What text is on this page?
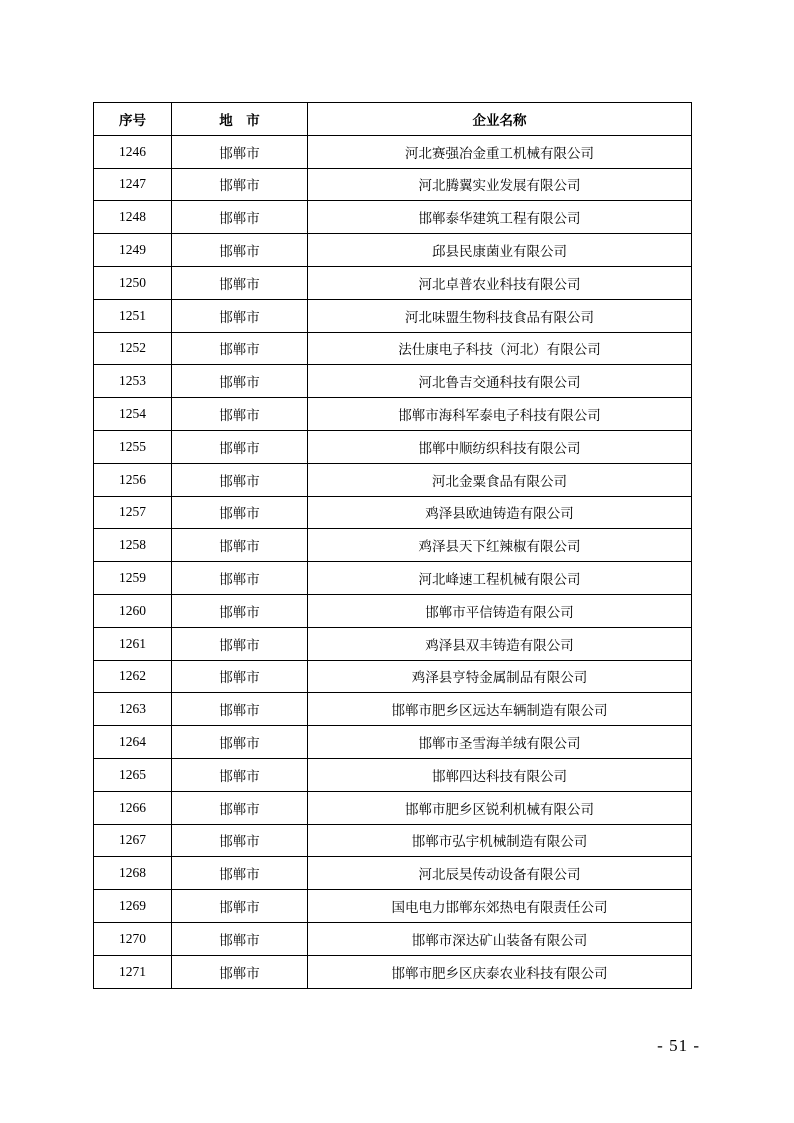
序号	地　市	企业名称
1246	邯郸市	河北赛强冶金重工机械有限公司
1247	邯郸市	河北腾翼实业发展有限公司
1248	邯郸市	邯郸泰华建筑工程有限公司
1249	邯郸市	邱县民康菌业有限公司
1250	邯郸市	河北卓普农业科技有限公司
1251	邯郸市	河北味盟生物科技食品有限公司
1252	邯郸市	法仕康电子科技（河北）有限公司
1253	邯郸市	河北鲁吉交通科技有限公司
1254	邯郸市	邯郸市海科军泰电子科技有限公司
1255	邯郸市	邯郸中顺纺织科技有限公司
1256	邯郸市	河北金粟食品有限公司
1257	邯郸市	鸡泽县欧迪铸造有限公司
1258	邯郸市	鸡泽县天下红辣椒有限公司
1259	邯郸市	河北峰速工程机械有限公司
1260	邯郸市	邯郸市平信铸造有限公司
1261	邯郸市	鸡泽县双丰铸造有限公司
1262	邯郸市	鸡泽县亨特金属制品有限公司
1263	邯郸市	邯郸市肥乡区远达车辆制造有限公司
1264	邯郸市	邯郸市圣雪海羊绒有限公司
1265	邯郸市	邯郸四达科技有限公司
1266	邯郸市	邯郸市肥乡区锐利机械有限公司
1267	邯郸市	邯郸市弘宇机械制造有限公司
1268	邯郸市	河北辰昊传动设备有限公司
1269	邯郸市	国电电力邯郸东郊热电有限责任公司
1270	邯郸市	邯郸市深达矿山装备有限公司
1271	邯郸市	邯郸市肥乡区庆泰农业科技有限公司
- 51 -
